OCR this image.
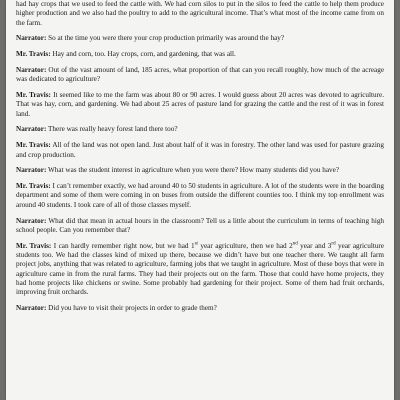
had hay crops that we used to feed the cattle with. We had corn silos to put in the silos to feed the cattle to help them produce higher production and we also had the poultry to add to the agricultural income. That’s what most of the income came from on the farm.

Narrator: So at the time you were there your crop production primarily was around the hay?

Mr. Travis: Hay and corn, too. Hay crops, corn, and gardening, that was all.

Narrator: Out of the vast amount of land, 185 acres, what proportion of that can you recall roughly, how much of the acreage was dedicated to agriculture?

Mr. Travis: It seemed like to me the farm was about 80 or 90 acres. I would guess about 20 acres was devoted to agriculture. That was hay, corn, and gardening. We had about 25 acres of pasture land for grazing the cattle and the rest of it was in forest land.

Narrator: There was really heavy forest land there too?

Mr. Travis: All of the land was not open land. Just about half of it was in forestry. The other land was used for pasture grazing and crop production.

Narrator: What was the student interest in agriculture when you were there? How many students did you have?

Mr. Travis: I can’t remember exactly, we had around 40 to 50 students in agriculture. A lot of the students were in the boarding department and some of them were coming in on buses from outside the different counties too. I think my top enrollment was around 40 students. I took care of all of those classes myself.

Narrator: What did that mean in actual hours in the classroom? Tell us a little about the curriculum in terms of teaching high school people. Can you remember that?

Mr. Travis: I can hardly remember right now, but we had 1st year agriculture, then we had 2nd year and 3rd year agriculture students too. We had the classes kind of mixed up there, because we didn’t have but one teacher there. We taught all farm project jobs, anything that was related to agriculture, farming jobs that we taught in agriculture. Most of these boys that were in agriculture came in from the rural farms. They had their projects out on the farm. Those that could have home projects, they had home projects like chickens or swine. Some probably had gardening for their project. Some of them had fruit orchards, improving fruit orchards.

Narrator: Did you have to visit their projects in order to grade them?
